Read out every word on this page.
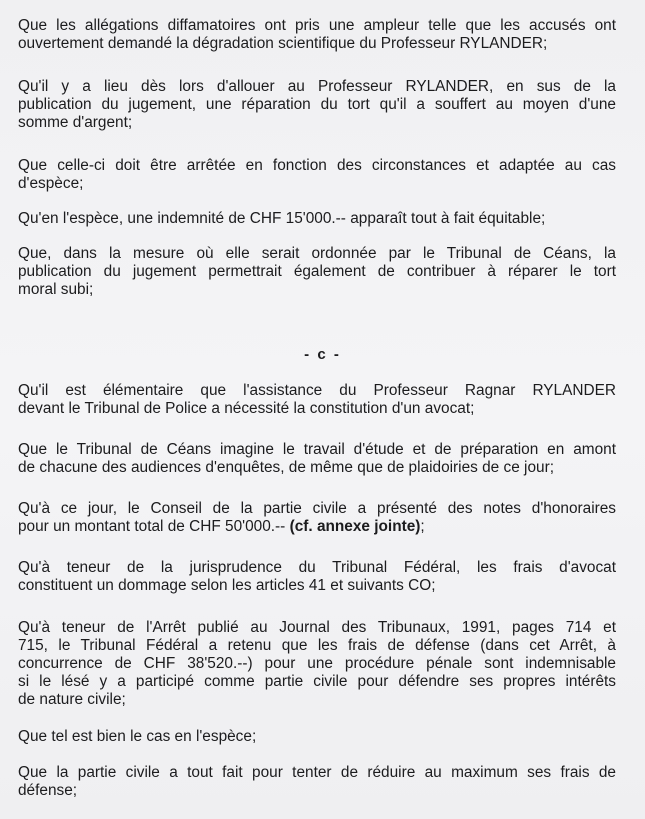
Que les allégations diffamatoires ont pris une ampleur telle que les accusés ont
ouvertement demandé la dégradation scientifique du Professeur RYLANDER;
Qu'il y a lieu dès lors d'allouer au Professeur RYLANDER, en sus de la
publication du jugement, une réparation du tort qu'il a souffert au moyen d'une
somme d'argent;
Que celle-ci doit être arrêtée en fonction des circonstances et adaptée au cas
d'espèce;
Qu'en l'espèce, une indemnité de CHF 15'000.-- apparaît tout à fait équitable;
Que, dans la mesure où elle serait ordonnée par le Tribunal de Céans, la
publication du jugement permettrait également de contribuer à réparer le tort
moral subi;
- c -
Qu'il est élémentaire que l'assistance du Professeur Ragnar RYLANDER
devant le Tribunal de Police a nécessité la constitution d'un avocat;
Que le Tribunal de Céans imagine le travail d'étude et de préparation en amont
de chacune des audiences d'enquêtes, de même que de plaidoiries de ce jour;
Qu'à ce jour, le Conseil de la partie civile a présenté des notes d'honoraires
pour un montant total de CHF 50'000.-- (cf. annexe jointe);
Qu'à teneur de la jurisprudence du Tribunal Fédéral, les frais d'avocat
constituent un dommage selon les articles 41 et suivants CO;
Qu'à teneur de l'Arrêt publié au Journal des Tribunaux, 1991, pages 714 et
715, le Tribunal Fédéral a retenu que les frais de défense (dans cet Arrêt, à
concurrence de CHF 38'520.--) pour une procédure pénale sont indemnisable
si le lésé y a participé comme partie civile pour défendre ses propres intérêts
de nature civile;
Que tel est bien le cas en l'espèce;
Que la partie civile a tout fait pour tenter de réduire au maximum ses frais de
défense;
